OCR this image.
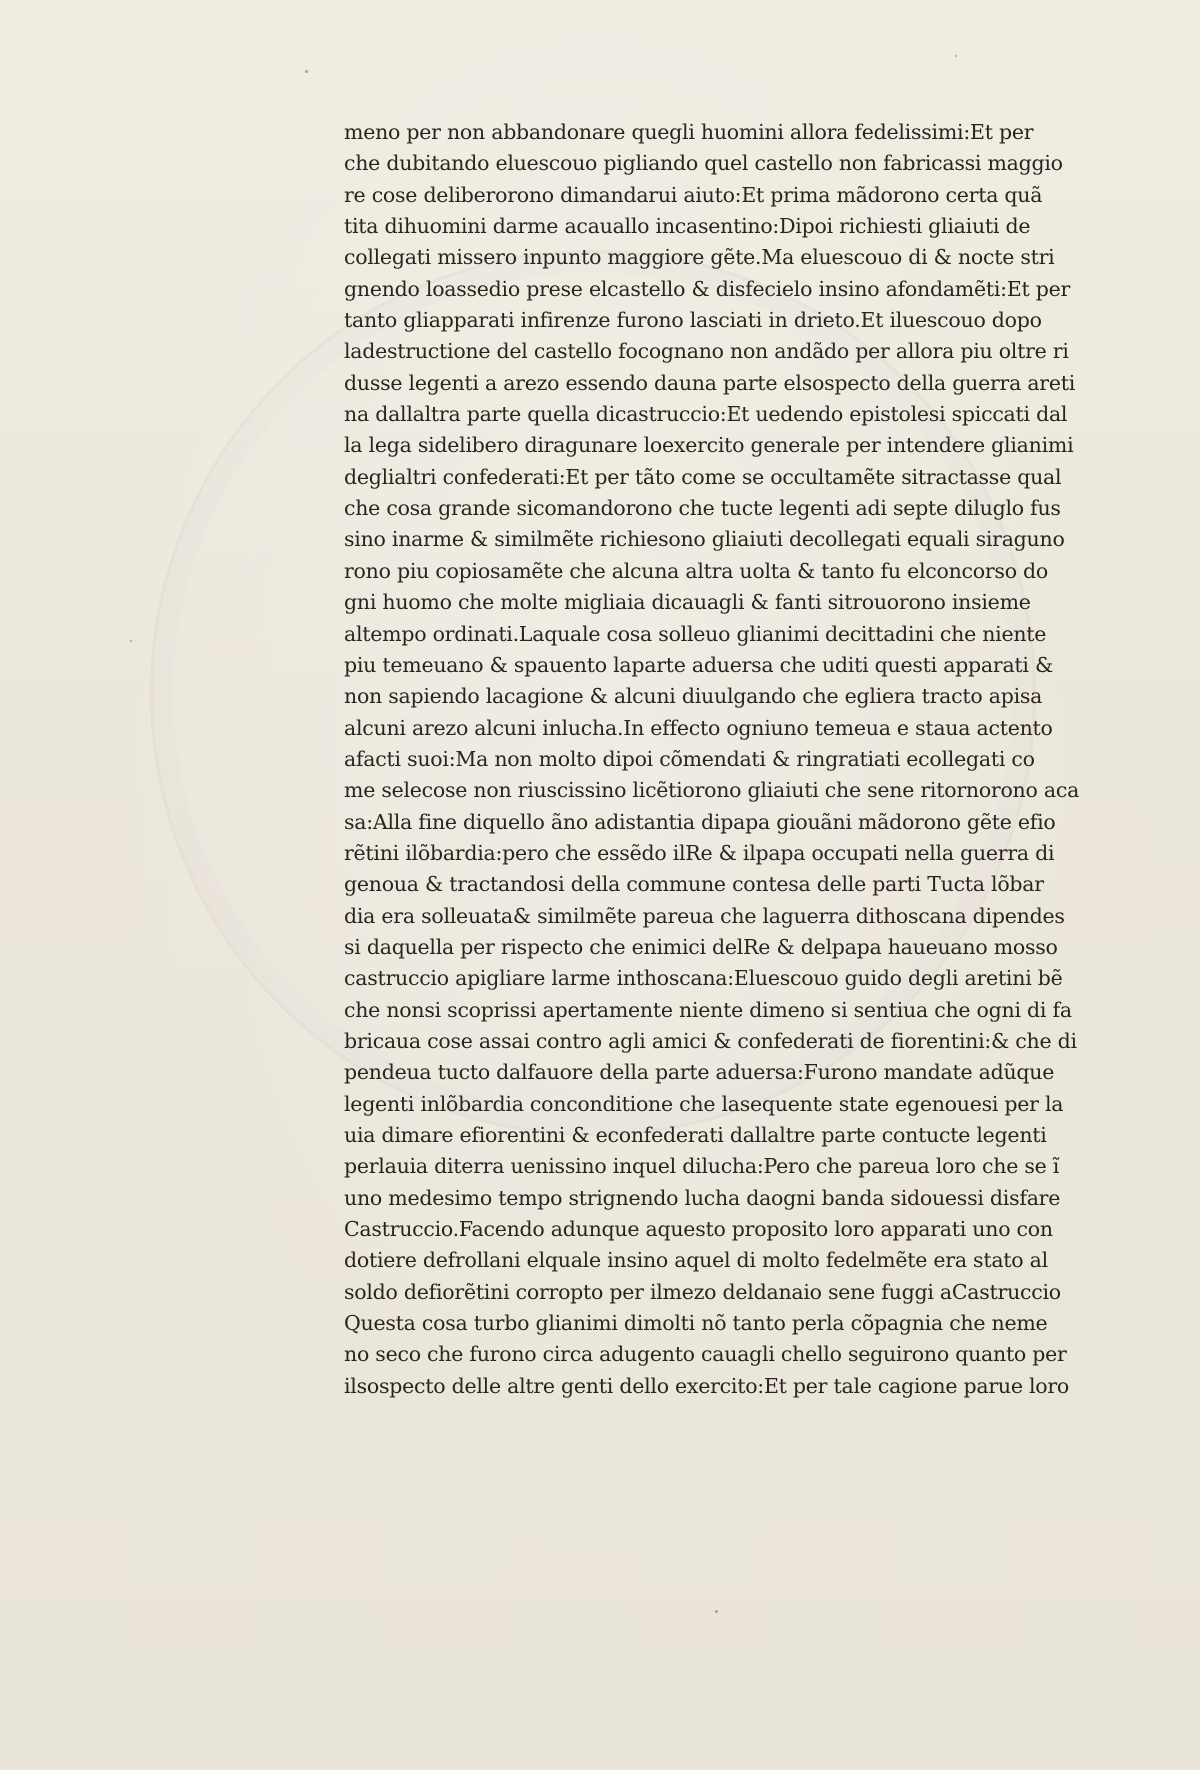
meno per non abbandonare quegli huomini allora fedelissimi:Et per
che dubitando eluescouo pigliando quel castello non fabricassi maggio
re cose deliberorono dimandarui aiuto:Et prima mãdorono certa quã
tita dihuomini darme acauallo incasentino:Dipoi richiesti gliaiuti de
collegati missero inpunto maggiore gẽte.Ma eluescouo di & nocte stri
gnendo loassedio prese elcastello & disfecielo insino afondamẽti:Et per
tanto gliapparati infirenze furono lasciati in drieto.Et iluescouo dopo
ladestructione del castello focognano non andãdo per allora piu oltre ri
dusse legenti a arezo essendo dauna parte elsospecto della guerra areti
na dallaltra parte quella dicastruccio:Et uedendo epistolesi spiccati dal
la lega sidelibero diragunare loexercito generale per intendere glianimi
deglialtri confederati:Et per tãto come se occultamẽte sitractasse qual
che cosa grande sicomandorono che tucte legenti adi septe diluglo fus
sino inarme & similmẽte richiesono gliaiuti decollegati equali siraguno
rono piu copiosamẽte che alcuna altra uolta & tanto fu elconcorso do
gni huomo che molte migliaia dicauagli & fanti sitrouorono insieme
altempo ordinati.Laquale cosa solleuo glianimi decittadini che niente
piu temeuano & spauento laparte aduersa che uditi questi apparati &
non sapiendo lacagione & alcuni diuulgando che egliera tracto apisa
alcuni arezo alcuni inlucha.In effecto ogniuno temeua e staua actento
afacti suoi:Ma non molto dipoi cõmendati & ringratiati ecollegati co
me selecose non riuscissino licẽtiorono gliaiuti che sene ritornorono aca
sa:Alla fine diquello ãno adistantia dipapa giouãni mãdorono gẽte efio
rẽtini ilõbardia:pero che essẽdo ilRe & ilpapa occupati nella guerra di
genoua & tractandosi della commune contesa delle parti Tucta lõbar
dia era solleuata& similmẽte pareua che laguerra dithoscana dipendes
si daquella per rispecto che enimici delRe & delpapa haueuano mosso
castruccio apigliare larme inthoscana:Eluescouo guido degli aretini bẽ
che nonsi scoprissi apertamente niente dimeno si sentiua che ogni di fa
bricaua cose assai contro agli amici & confederati de fiorentini:& che di
pendeua tucto dalfauore della parte aduersa:Furono mandate adũque
legenti inlõbardia conconditione che lasequente state egenouesi per la
uia dimare efiorentini & econfederati dallaltre parte contucte legenti
perlauia diterra uenissino inquel dilucha:Pero che pareua loro che se ĩ
uno medesimo tempo strignendo lucha daogni banda sidouessi disfare
Castruccio.Facendo adunque aquesto proposito loro apparati uno con
dotiere defrollani elquale insino aquel di molto fedelmẽte era stato al
soldo defiorẽtini corropto per ilmezo deldanaio sene fuggi aCastruccio
Questa cosa turbo glianimi dimolti nõ tanto perla cõpagnia che neme
no seco che furono circa adugento cauagli chello seguirono quanto per
ilsospecto delle altre genti dello exercito:Et per tale cagione parue loro
